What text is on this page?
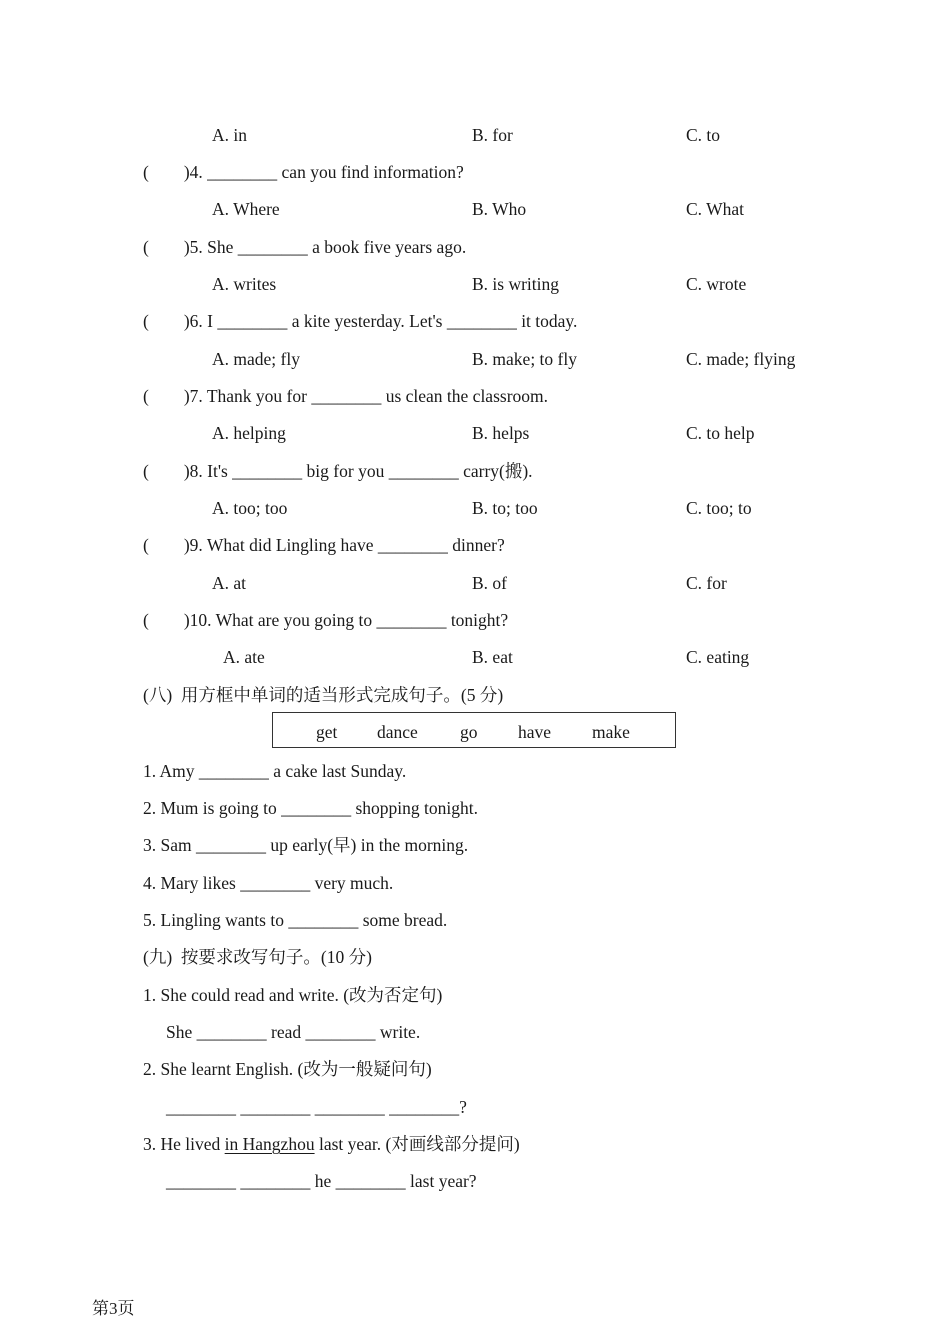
A. in	B. for	C. to
(        )4. ________ can you find information?
A. Where	B. Who	C. What
(        )5. She ________ a book five years ago.
A. writes	B. is writing	C. wrote
(        )6. I ________ a kite yesterday. Let's ________ it today.
A. made; fly	B. make; to fly	C. made; flying
(        )7. Thank you for ________ us clean the classroom.
A. helping	B. helps	C. to help
(        )8. It's ________ big for you ________ carry(搬).
A. too; too	B. to; too	C. too; to
(        )9. What did Lingling have ________ dinner?
A. at	B. of	C. for
(        )10. What are you going to ________ tonight?
A. ate	B. eat	C. eating
(八)  用方框中单词的适当形式完成句子。(5 分)
get dance go have make
1. Amy ________ a cake last Sunday.
2. Mum is going to ________ shopping tonight.
3. Sam ________ up early(早) in the morning.
4. Mary likes ________ very much.
5. Lingling wants to ________ some bread.
(九)  按要求改写句子。(10 分)
1. She could read and write. (改为否定句)
She ________ read ________ write.
2. She learnt English. (改为一般疑问句)
________ ________ ________ ________?
3. He lived in Hangzhou last year. (对画线部分提问)
________ ________ he ________ last year?
第3页
